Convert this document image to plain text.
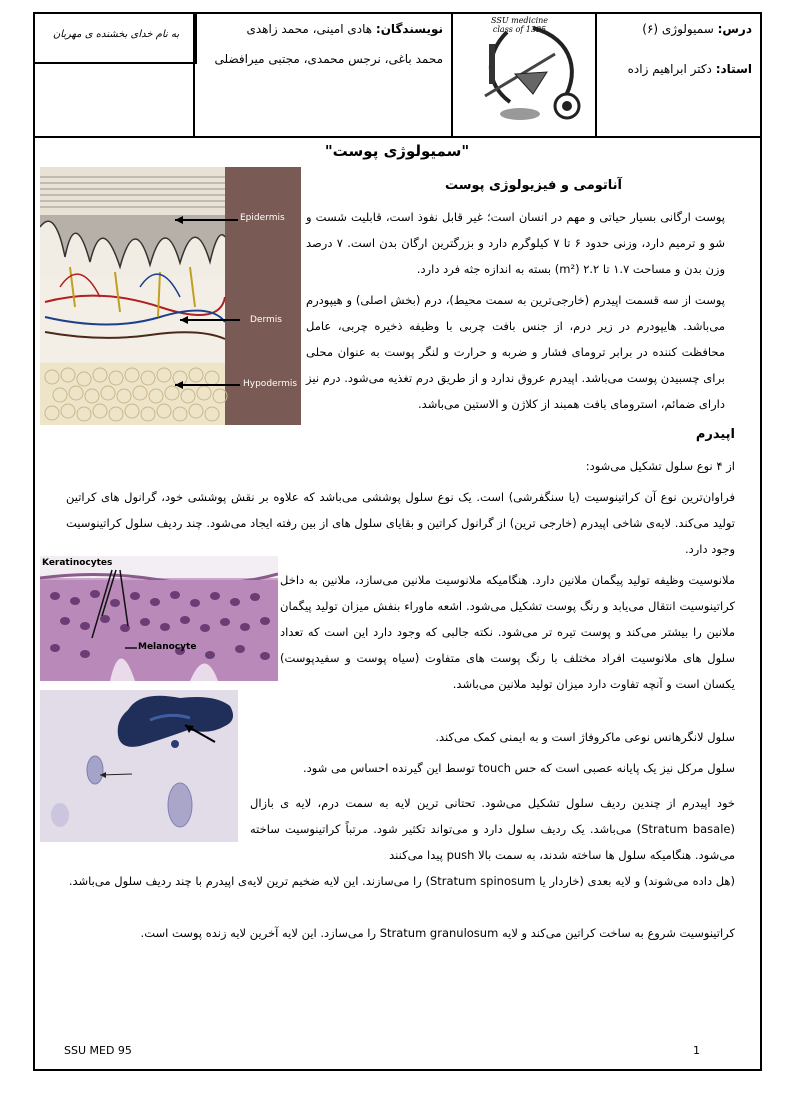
درس: سمیولوژی (۶)
استاد: دکتر ابراهیم زاده
SSU medicine
class of 1395
نویسندگان: هادی امینی، محمد زاهدی
محمد باغی، نرجس محمدی، مجتبی میرافضلی
به نام خدای بخشنده ی مهربان
"سمیولوژی پوست"
Epidermis
Dermis
Hypodermis
آناتومی و فیزیولوژی پوست
پوست ارگانی بسیار حیاتی و مهم در انسان است؛ غیر قابل نفوذ است، قابلیت شست و شو و ترمیم دارد، وزنی حدود ۶ تا ۷ کیلوگرم دارد و بزرگترین ارگان بدن است. ۷ درصد وزن بدن و مساحت ۱.۷ تا ۲.۲ (m²) بسته به اندازه جثه فرد دارد.
پوست از سه قسمت اپیدرم (خارجی‌ترین به سمت محیط)، درم (بخش اصلی) و هیپودرم می‌باشد. هایپودرم در زیر درم، از جنس بافت چربی با وظیفه ذخیره چربی، عامل محافظت کننده در برابر ترومای فشار و ضربه و حرارت و لنگر پوست به عنوان محلی برای چسبیدن پوست می‌باشد. اپیدرم عروق ندارد و از طریق درم تغذیه می‌شود. درم نیز دارای ضمائم، استرومای بافت همبند از کلاژن و الاستین می‌باشد.
اپیدرم
از ۴ نوع سلول تشکیل می‌شود:
فراوان‌ترین نوع آن کراتینوسیت (یا سنگفرشی) است. یک نوع سلول پوششی می‌باشد که علاوه بر نقش پوششی خود، گرانول های کراتین تولید می‌کند. لایه‌ی شاخی اپیدرم (خارجی ترین) از گرانول کراتین و بقایای سلول های از بین رفته ایجاد می‌شود. چند ردیف سلول کراتینوسیت وجود دارد.
Keratinocytes
Melanocyte
ملانوسیت وظیفه تولید پیگمان ملانین دارد. هنگامیکه ملانوسیت ملانین می‌سازد، ملانین به داخل کراتینوسیت انتقال می‌یابد و رنگ پوست تشکیل می‌شود. اشعه ماوراء بنفش میزان تولید پیگمان ملانین را بیشتر می‌کند و پوست تیره تر می‌شود. نکته جالبی که وجود دارد این است که تعداد سلول های ملانوسیت افراد مختلف با رنگ پوست های متفاوت (سیاه پوست و سفیدپوست) یکسان است و آنچه تفاوت دارد میزان تولید ملانین می‌باشد.
سلول لانگرهانس نوعی ماکروفاژ است و به ایمنی کمک می‌کند.
سلول مرکل نیز یک پایانه عصبی است که حس touch توسط این گیرنده احساس می شود.
خود اپیدرم از چندین ردیف سلول تشکیل می‌شود. تحتانی ترین لایه به سمت درم، لایه ی بازال (Stratum basale) می‌باشد. یک ردیف سلول دارد و می‌تواند تکثیر شود. مرتباً کراتینوسیت ساخته می‌شود. هنگامیکه سلول ها ساخته شدند، به سمت بالا push پیدا می‌کنند
(هل داده می‌شوند) و لایه بعدی (خاردار یا Stratum spinosum) را می‌سازند. این لایه ضخیم ترین لایه‌ی اپیدرم با چند ردیف سلول می‌باشد.
کراتینوسیت شروع به ساخت کراتین می‌کند و لایه Stratum granulosum را می‌سازد. این لایه آخرین لایه زنده پوست است.
SSU MED 95	1
